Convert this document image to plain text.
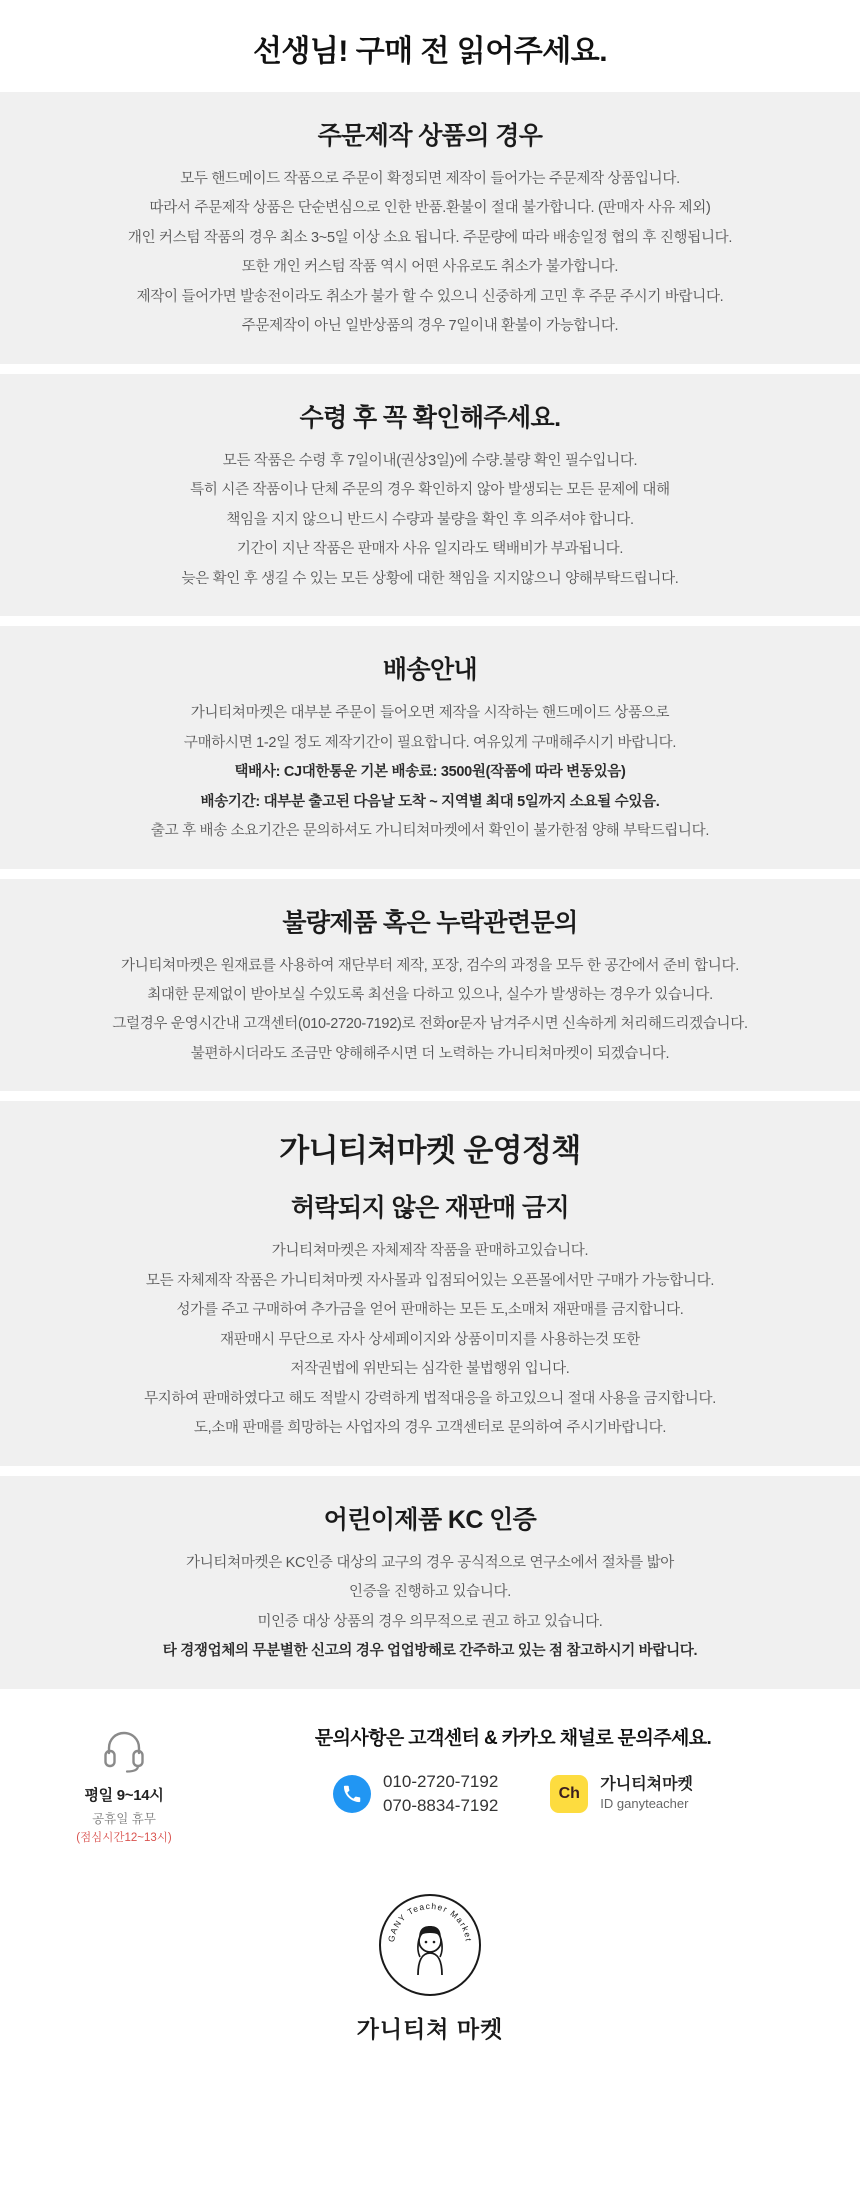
선생님! 구매 전 읽어주세요.
주문제작 상품의 경우

모두 핸드메이드 작품으로 주문이 확정되면 제작이 들어가는 주문제작 상품입니다.

따라서 주문제작 상품은 단순변심으로 인한 반품.환불이 절대 불가합니다. (판매자 사유 제외)

개인 커스텀 작품의 경우 최소 3~5일 이상 소요 됩니다. 주문량에 따라 배송일정 협의 후 진행됩니다.

또한 개인 커스텀 작품 역시 어떤 사유로도 취소가 불가합니다.

제작이 들어가면 발송전이라도 취소가 불가 할 수 있으니 신중하게 고민 후 주문 주시기 바랍니다.

주문제작이 아닌 일반상품의 경우 7일이내 환불이 가능합니다.

수령 후 꼭 확인해주세요.

모든 작품은 수령 후 7일이내(권상3일)에 수량.불량 확인 필수입니다.

특히 시즌 작품이나 단체 주문의 경우 확인하지 않아 발생되는 모든 문제에 대해

책임을 지지 않으니 반드시 수량과 불량을 확인 후 의주셔야 합니다.

기간이 지난 작품은 판매자 사유 일지라도 택배비가 부과됩니다.

늦은 확인 후 생길 수 있는 모든 상황에 대한 책임을 지지않으니 양해부탁드립니다.

배송안내

가니티쳐마켓은 대부분 주문이 들어오면 제작을 시작하는 핸드메이드 상품으로

구매하시면 1-2일 정도 제작기간이 필요합니다. 여유있게 구매해주시기 바랍니다.

택배사: CJ대한통운 기본 배송료: 3500원(작품에 따라 변동있음)

배송기간: 대부분 출고된 다음날 도착 ~ 지역별 최대 5일까지 소요될 수있음.

출고 후 배송 소요기간은 문의하셔도 가니티쳐마켓에서 확인이 불가한점 양해 부탁드립니다.

불량제품 혹은 누락관련문의

가니티쳐마켓은 원재료를 사용하여 재단부터 제작, 포장, 검수의 과정을 모두 한 공간에서 준비 합니다.

최대한 문제없이 받아보실 수있도록 최선을 다하고 있으나, 실수가 발생하는 경우가 있습니다.

그럴경우 운영시간내 고객센터(010-2720-7192)로 전화or문자 남겨주시면 신속하게 처리해드리겠습니다.

불편하시더라도 조금만 양해해주시면 더 노력하는 가니티쳐마켓이 되겠습니다.

가니티쳐마켓 운영정책
허락되지 않은 재판매 금지

가니티쳐마켓은 자체제작 작품을 판매하고있습니다.

모든 자체제작 작품은 가니티쳐마켓 자사몰과 입점되어있는 오픈몰에서만 구매가 가능합니다.

성가를 주고 구매하여 추가금을 얻어 판매하는 모든 도,소매처 재판매를 금지합니다.

재판매시 무단으로 자사 상세페이지와 상품이미지를 사용하는것 또한

저작권법에 위반되는 심각한 불법행위 입니다.

무지하여 판매하였다고 해도 적발시 강력하게 법적대응을 하고있으니 절대 사용을 금지합니다.

도,소매 판매를 희망하는 사업자의 경우 고객센터로 문의하여 주시기바랍니다.

어린이제품 KC 인증

가니티쳐마켓은 KC인증 대상의 교구의 경우 공식적으로 연구소에서 절차를 밟아

인증을 진행하고 있습니다.

미인증 대상 상품의 경우 의무적으로 권고 하고 있습니다.

타 경쟁업체의 무분별한 신고의 경우 업업방해로 간주하고 있는 점 참고하시기 바랍니다.

평일 9~14시

공휴일 휴무

(점심시간12~13시)

문의사항은 고객센터 & 카카오 채널로 문의주세요.

010-2720-7192
070-8834-7192
Ch
가니티쳐마켓
ID ganyteacher
GANY Teacher Market
가니티쳐 마켓
